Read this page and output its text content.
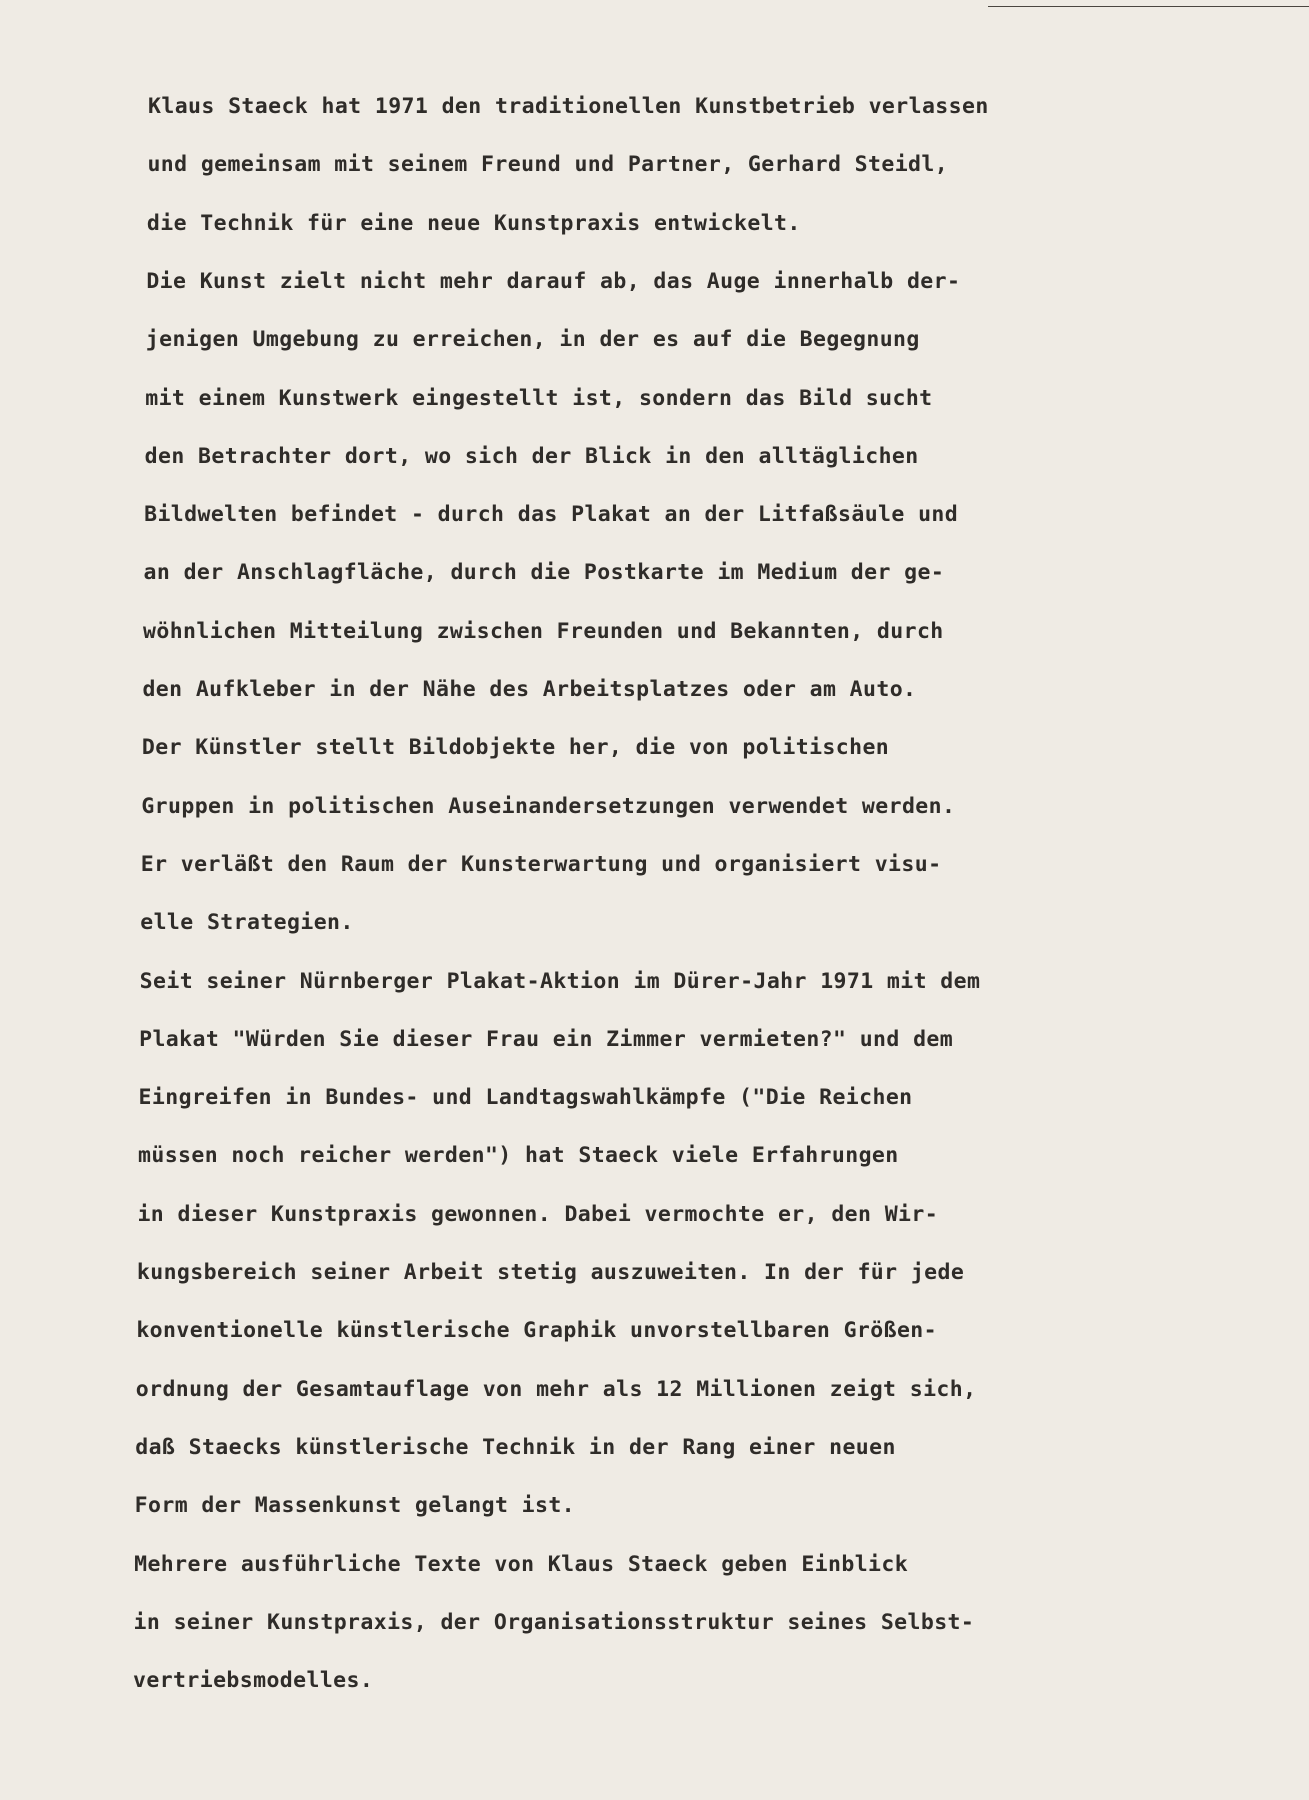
Klaus Staeck hat 1971 den traditionellen Kunstbetrieb verlassen
und gemeinsam mit seinem Freund und Partner, Gerhard Steidl,
die Technik für eine neue Kunstpraxis entwickelt.
Die Kunst zielt nicht mehr darauf ab, das Auge innerhalb der-
jenigen Umgebung zu erreichen, in der es auf die Begegnung
mit einem Kunstwerk eingestellt ist, sondern das Bild sucht
den Betrachter dort, wo sich der Blick in den alltäglichen
Bildwelten befindet - durch das Plakat an der Litfaßsäule und
an der Anschlagfläche, durch die Postkarte im Medium der ge-
wöhnlichen Mitteilung zwischen Freunden und Bekannten, durch
den Aufkleber in der Nähe des Arbeitsplatzes oder am Auto.
Der Künstler stellt Bildobjekte her, die von politischen
Gruppen in politischen Auseinandersetzungen verwendet werden.
Er verläßt den Raum der Kunsterwartung und organisiert visu-
elle Strategien.
Seit seiner Nürnberger Plakat-Aktion im Dürer-Jahr 1971 mit dem
Plakat "Würden Sie dieser Frau ein Zimmer vermieten?" und dem
Eingreifen in Bundes- und Landtagswahlkämpfe ("Die Reichen
müssen noch reicher werden") hat Staeck viele Erfahrungen
in dieser Kunstpraxis gewonnen. Dabei vermochte er, den Wir-
kungsbereich seiner Arbeit stetig auszuweiten. In der für jede
konventionelle künstlerische Graphik unvorstellbaren Größen-
ordnung der Gesamtauflage von mehr als 12 Millionen zeigt sich,
daß Staecks künstlerische Technik in der Rang einer neuen
Form der Massenkunst gelangt ist.
Mehrere ausführliche Texte von Klaus Staeck geben Einblick
in seiner Kunstpraxis, der Organisationsstruktur seines Selbst-
vertriebsmodelles.
